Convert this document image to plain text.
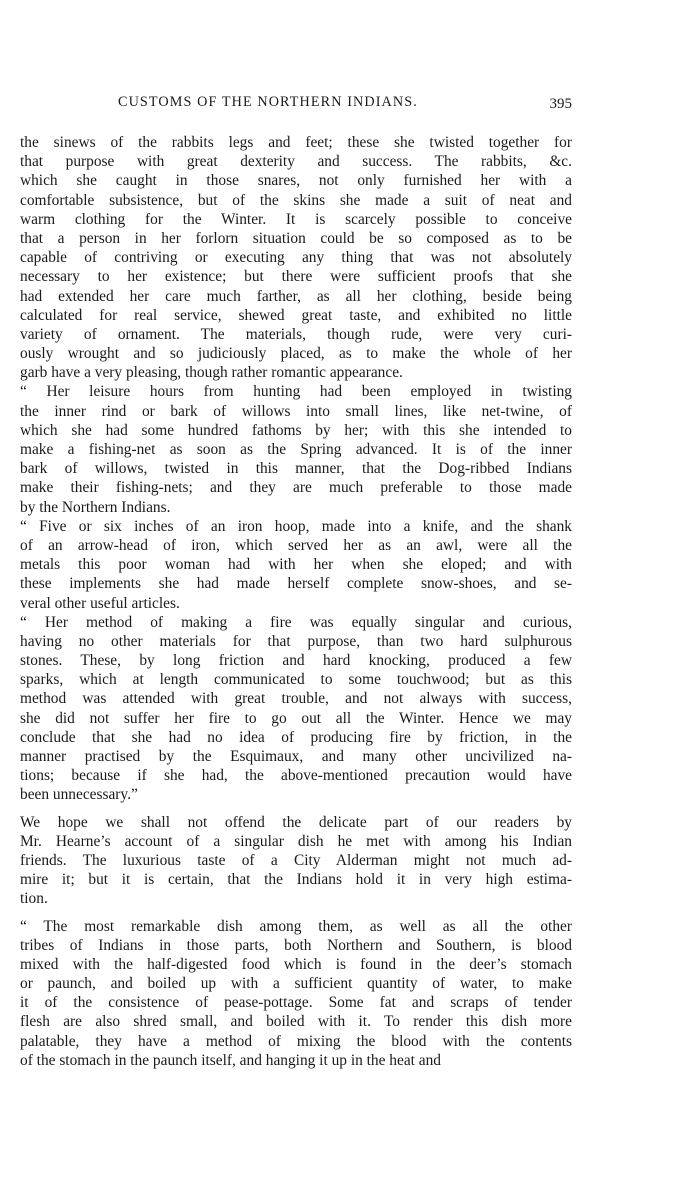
CUSTOMS OF THE NORTHERN INDIANS.	395
the sinews of the rabbits legs and feet; these she twisted together for
that purpose with great dexterity and success. The rabbits, &c.
which she caught in those snares, not only furnished her with a
comfortable subsistence, but of the skins she made a suit of neat and
warm clothing for the Winter. It is scarcely possible to conceive
that a person in her forlorn situation could be so composed as to be
capable of contriving or executing any thing that was not absolutely
necessary to her existence; but there were sufficient proofs that she
had extended her care much farther, as all her clothing, beside being
calculated for real service, shewed great taste, and exhibited no little
variety of ornament. The materials, though rude, were very curi-
ously wrought and so judiciously placed, as to make the whole of her
garb have a very pleasing, though rather romantic appearance.
“ Her leisure hours from hunting had been employed in twisting
the inner rind or bark of willows into small lines, like net-twine, of
which she had some hundred fathoms by her; with this she intended to
make a fishing-net as soon as the Spring advanced. It is of the inner
bark of willows, twisted in this manner, that the Dog-ribbed Indians
make their fishing-nets; and they are much preferable to those made
by the Northern Indians.
“ Five or six inches of an iron hoop, made into a knife, and the shank
of an arrow-head of iron, which served her as an awl, were all the
metals this poor woman had with her when she eloped; and with
these implements she had made herself complete snow-shoes, and se-
veral other useful articles.
“ Her method of making a fire was equally singular and curious,
having no other materials for that purpose, than two hard sulphurous
stones. These, by long friction and hard knocking, produced a few
sparks, which at length communicated to some touchwood; but as this
method was attended with great trouble, and not always with success,
she did not suffer her fire to go out all the Winter. Hence we may
conclude that she had no idea of producing fire by friction, in the
manner practised by the Esquimaux, and many other uncivilized na-
tions; because if she had, the above-mentioned precaution would have
been unnecessary.”
We hope we shall not offend the delicate part of our readers by
Mr. Hearne’s account of a singular dish he met with among his Indian
friends. The luxurious taste of a City Alderman might not much ad-
mire it; but it is certain, that the Indians hold it in very high estima-
tion.
“ The most remarkable dish among them, as well as all the other
tribes of Indians in those parts, both Northern and Southern, is blood
mixed with the half-digested food which is found in the deer’s stomach
or paunch, and boiled up with a sufficient quantity of water, to make
it of the consistence of pease-pottage. Some fat and scraps of tender
flesh are also shred small, and boiled with it. To render this dish more
palatable, they have a method of mixing the blood with the contents
of the stomach in the paunch itself, and hanging it up in the heat and
